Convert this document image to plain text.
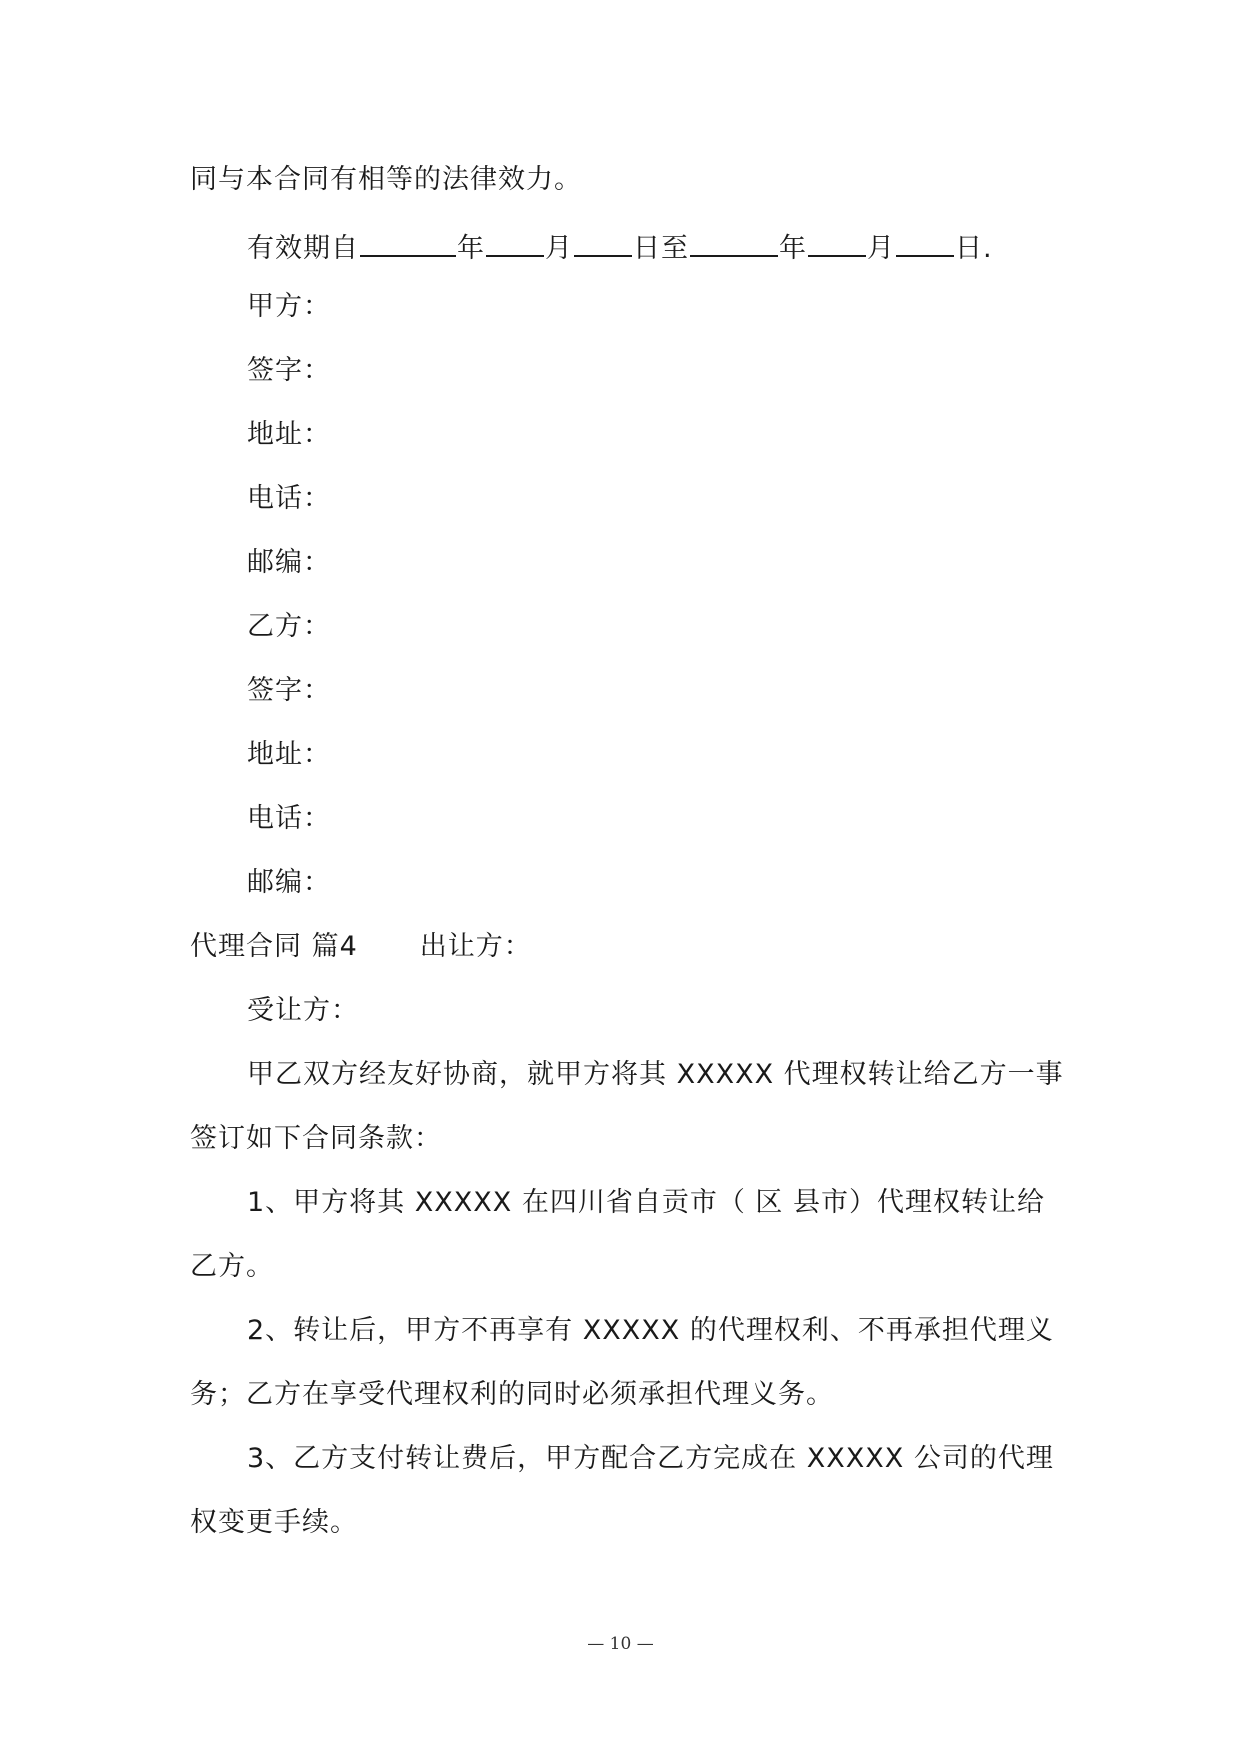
同与本合同有相等的法律效力。
有效期自	年 月 日至	年 月 日.
甲方：
签字：
地址：
电话：
邮编：
乙方：
签字：
地址：
电话：
邮编：
代理合同 篇4 出让方：
受让方：
甲乙双方经友好协商，就甲方将其 XXXXX 代理权转让给乙方一事
签订如下合同条款：
1、甲方将其 XXXXX 在四川省自贡市（ 区 县市）代理权转让给
乙方。
2、转让后，甲方不再享有 XXXXX 的代理权利、不再承担代理义
务；乙方在享受代理权利的同时必须承担代理义务。
3、乙方支付转让费后，甲方配合乙方完成在 XXXXX 公司的代理
权变更手续。
— 10 —
